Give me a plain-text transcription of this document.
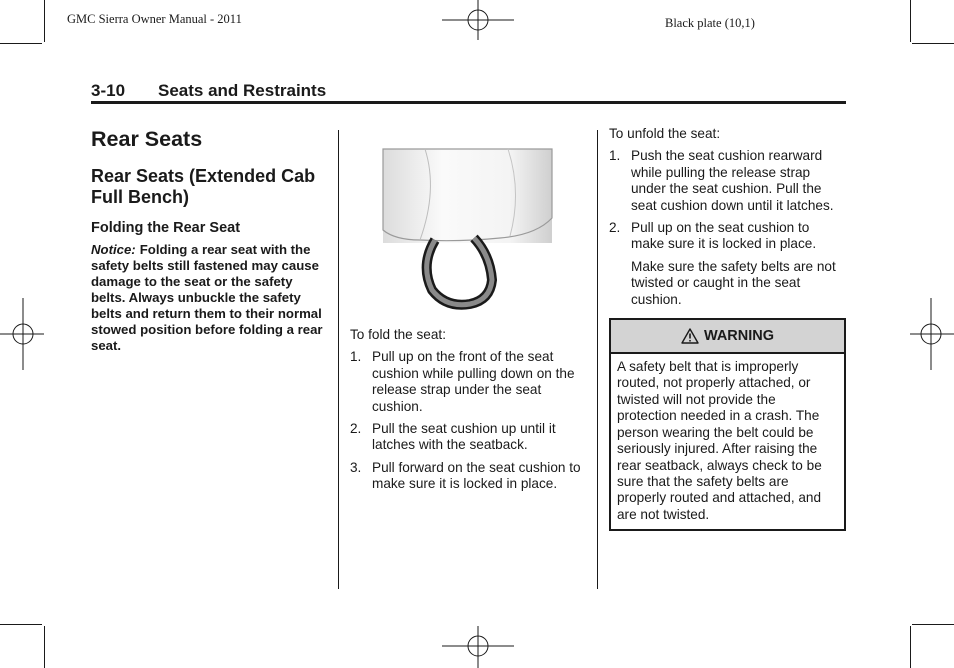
GMC Sierra Owner Manual - 2011	Black plate (10,1)
3-10 Seats and Restraints
Rear Seats
Rear Seats (Extended Cab Full Bench)
Folding the Rear Seat
Notice: Folding a rear seat with the safety belts still fastened may cause damage to the seat or the safety belts. Always unbuckle the safety belts and return them to their normal stowed position before folding a rear seat.
To fold the seat:
1. Pull up on the front of the seat cushion while pulling down on the release strap under the seat cushion.
2. Pull the seat cushion up until it latches with the seatback.
3. Pull forward on the seat cushion to make sure it is locked in place.
To unfold the seat:
1. Push the seat cushion rearward while pulling the release strap under the seat cushion. Pull the seat cushion down until it latches.
2. Pull up on the seat cushion to make sure it is locked in place.
Make sure the safety belts are not twisted or caught in the seat cushion.
WARNING
A safety belt that is improperly routed, not properly attached, or twisted will not provide the protection needed in a crash. The person wearing the belt could be seriously injured. After raising the rear seatback, always check to be sure that the safety belts are properly routed and attached, and are not twisted.
